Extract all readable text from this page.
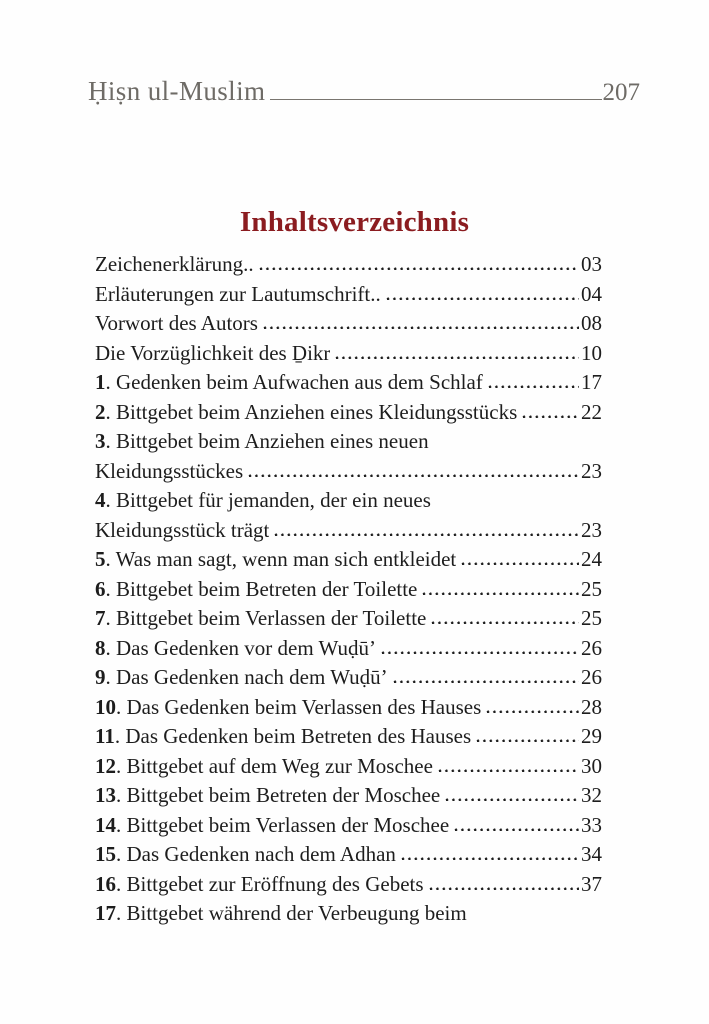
Ḥiṣn ul-Muslim	207
Inhaltsverzeichnis
Zeichenerklärung..	03
Erläuterungen zur Lautumschrift..	04
Vorwort des Autors	08
Die Vorzüglichkeit des Ḏikr	10
1 . Gedenken beim Aufwachen aus dem Schlaf	17
2 . Bittgebet beim Anziehen eines Kleidungsstücks	22
3 . Bittgebet beim Anziehen eines neuen
Kleidungsstückes	23
4 . Bittgebet für jemanden, der ein neues
Kleidungsstück trägt	23
5 . Was man sagt, wenn man sich entkleidet	24
6 . Bittgebet beim Betreten der Toilette	25
7 . Bittgebet beim Verlassen der Toilette	25
8 . Das Gedenken vor dem Wuḍū’	26
9 . Das Gedenken nach dem Wuḍū’	26
10 . Das Gedenken beim Verlassen des Hauses	28
11 . Das Gedenken beim Betreten des Hauses	29
12 . Bittgebet auf dem Weg zur Moschee	30
13 . Bittgebet beim Betreten der Moschee	32
14 . Bittgebet beim Verlassen der Moschee	33
15 . Das Gedenken nach dem Adhan	34
16 . Bittgebet zur Eröffnung des Gebets	37
17 . Bittgebet während der Verbeugung beim
